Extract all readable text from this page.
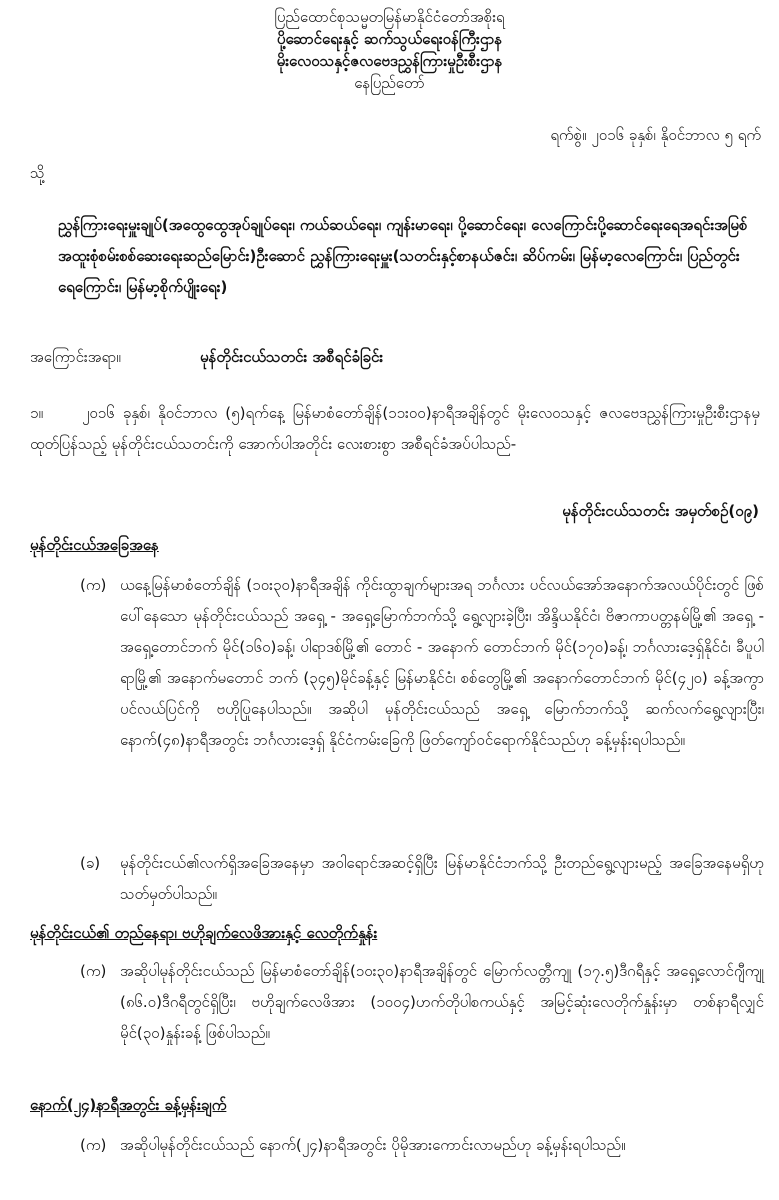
ပြည်ထောင်စုသမ္မတမြန်မာနိုင်ငံတော်အစိုးရ
ပို့ဆောင်ရေးနှင့် ဆက်သွယ်ရေးဝန်ကြီးဌာန
မိုးလေဝသနှင့်ဇလဗေဒညွှန်ကြားမှုဦးစီးဌာန
နေပြည်တော်
ရက်စွဲ။ ၂၀၁၆ ခုနှစ်၊ နိုဝင်ဘာလ ၅ ရက်
သို့
ညွှန်ကြားရေးမှူးချုပ်(အထွေထွေအုပ်ချုပ်ရေး၊ ကယ်ဆယ်ရေး၊ ကျန်းမာရေး၊ ပို့ဆောင်ရေး၊ လေကြောင်းပို့ဆောင်ရေးရေအရင်းအမြစ်အထူးစုံစမ်းစစ်ဆေးရေးဆည်မြောင်း)ဦးဆောင် ညွှန်ကြားရေးမှူး(သတင်းနှင့်စာနယ်ဇင်း၊ ဆိပ်ကမ်း၊ မြန်မာ့လေကြောင်း၊ ပြည်တွင်းရေကြောင်း၊ မြန်မာ့စိုက်ပျိုးရေး)
အကြောင်းအရာ။	မုန်တိုင်းငယ်သတင်း အစီရင်ခံခြင်း
၁။	၂၀၁၆ ခုနှစ်၊ နိုဝင်ဘာလ (၅)ရက်နေ့ မြန်မာစံတော်ချိန်(၁၁း၀၀)နာရီအချိန်တွင် မိုးလေဝသနှင့် ဇလဗေဒညွှန်ကြားမှုဦးစီးဌာနမှ ထုတ်ပြန်သည့် မုန်တိုင်းငယ်သတင်းကို အောက်ပါအတိုင်း လေးစားစွာ အစီရင်ခံအပ်ပါသည်-
မုန်တိုင်းငယ်သတင်း အမှတ်စဉ်(၀၉)
မုန်တိုင်းငယ်အခြေအနေ
(က) ယနေ့မြန်မာစံတော်ချိန် (၁၀း၃၀)နာရီအချိန် ကိုင်းထွာချက်များအရ ဘင်္ဂလား ပင်လယ်အော်အနောက်အလယ်ပိုင်းတွင် ဖြစ်ပေါ်နေသော မုန်တိုင်းငယ်သည် အရှေ့ - အရှေ့မြောက်ဘက်သို့ ရွေ့လျားခဲ့ပြီး၊ အိန္ဒိယနိုင်ငံ၊ ဗိဇာကာပတ္တနမ်မြို့၏ အရှေ့ - အရှေ့တောင်ဘက် မိုင်(၁၆၀)ခန့်၊ ပါရာဒစ်မြို့၏ တောင် - အနောက် တောင်ဘက် မိုင်(၁၇၀)ခန့်၊ ဘင်္ဂလားဒေ့ရှ်နိုင်ငံ၊ ခီပူပါရာမြို့၏ အနောက်မတောင် ဘက် (၃၄၅)မိုင်ခန့်နှင့် မြန်မာနိုင်ငံ၊ စစ်တွေမြို့၏ အနောက်တောင်ဘက် မိုင်(၄၂၀) ခန့်အကွာ ပင်လယ်ပြင်ကို ဗဟိုပြုနေပါသည်။ အဆိုပါ မုန်တိုင်းငယ်သည် အရှေ့ မြောက်ဘက်သို့ ဆက်လက်ရွေ့လျားပြီး၊ နောက်(၄၈)နာရီအတွင်း ဘင်္ဂလားဒေ့ရှ် နိုင်ငံကမ်းခြေကို ဖြတ်ကျော်ဝင်ရောက်နိုင်သည်ဟု ခန့်မှန်းရပါသည်။
(ခ) မုန်တိုင်းငယ်၏လက်ရှိအခြေအနေမှာ အဝါရောင်အဆင့်ရှိပြီး မြန်မာနိုင်ငံဘက်သို့ ဦးတည်ရွေ့လျားမည့် အခြေအနေမရှိဟု သတ်မှတ်ပါသည်။
မုန်တိုင်းငယ်၏ တည်နေရာ၊ ဗဟိုချက်လေဖိအားနှင့် လေတိုက်နှုန်း
(က) အဆိုပါမုန်တိုင်းငယ်သည် မြန်မာစံတော်ချိန်(၁၀း၃၀)နာရီအချိန်တွင် မြောက်လတ္တီကျု (၁၇.၅)ဒီဂရီနှင့် အရှေ့လောင်ဂျီကျု (၈၆.၀)ဒီဂရီတွင်ရှိပြီး၊ ဗဟိုချက်လေဖိအား (၁၀၀၄)ဟက်တိုပါစကယ်နှင့် အမြင့်ဆုံးလေတိုက်နှုန်းမှာ တစ်နာရီလျှင် မိုင်(၃၀)နှုန်းခန့် ဖြစ်ပါသည်။
နောက်(၂၄)နာရီအတွင်း ခန့်မှန်းချက်
(က) အဆိုပါမုန်တိုင်းငယ်သည် နောက်(၂၄)နာရီအတွင်း ပိုမိုအားကောင်းလာမည်ဟု ခန့်မှန်းရပါသည်။
